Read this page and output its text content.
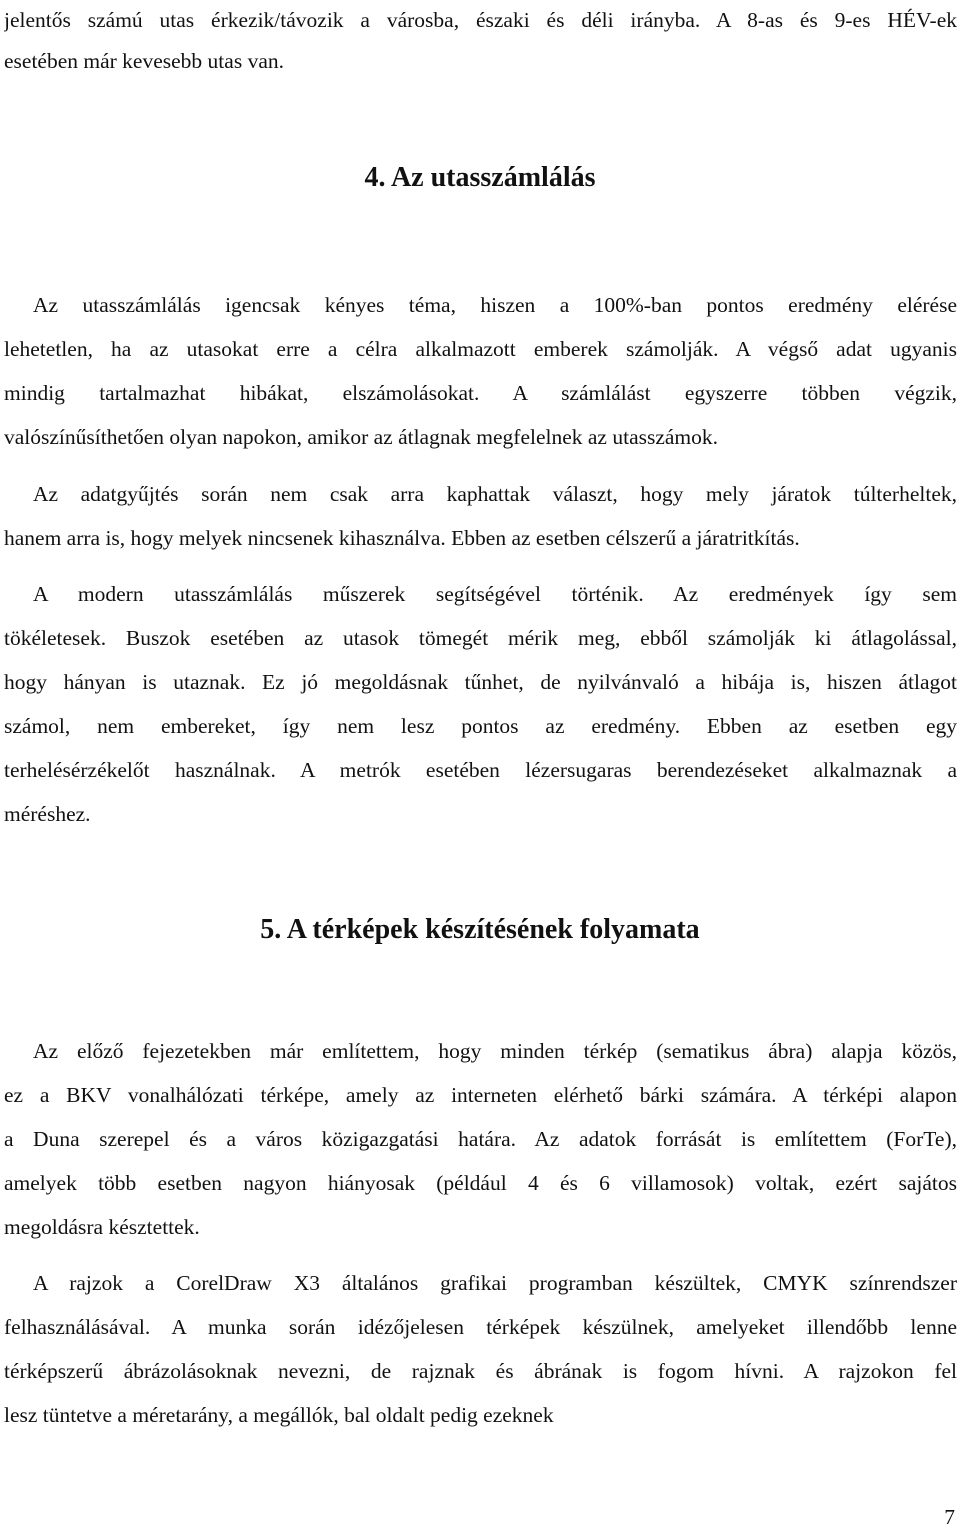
jelentős számú utas érkezik/távozik a városba, északi és déli irányba. A 8-as és 9-es HÉV-ek

esetében már kevesebb utas van.

4. Az utasszámlálás

Az utasszámlálás igencsak kényes téma, hiszen a 100%-ban pontos eredmény elérése

lehetetlen, ha az utasokat erre a célra alkalmazott emberek számolják. A végső adat ugyanis

mindig tartalmazhat hibákat, elszámolásokat. A számlálást egyszerre többen végzik,

valószínűsíthetően olyan napokon, amikor az átlagnak megfelelnek az utasszámok.

Az adatgyűjtés során nem csak arra kaphattak választ, hogy mely járatok túlterheltek,

hanem arra is, hogy melyek nincsenek kihasználva. Ebben az esetben célszerű a járatritkítás.

A modern utasszámlálás műszerek segítségével történik. Az eredmények így sem

tökéletesek. Buszok esetében az utasok tömegét mérik meg, ebből számolják ki átlagolással,

hogy hányan is utaznak. Ez jó megoldásnak tűnhet, de nyilvánvaló a hibája is, hiszen átlagot

számol, nem embereket, így nem lesz pontos az eredmény. Ebben az esetben egy

terhelésérzékelőt használnak. A metrók esetében lézersugaras berendezéseket alkalmaznak a

méréshez.

5. A térképek készítésének folyamata

Az előző fejezetekben már említettem, hogy minden térkép (sematikus ábra) alapja közös,

ez a BKV vonalhálózati térképe, amely az interneten elérhető bárki számára. A térképi alapon

a Duna szerepel és a város közigazgatási határa. Az adatok forrását is említettem (ForTe),

amelyek több esetben nagyon hiányosak (például 4 és 6 villamosok) voltak, ezért sajátos

megoldásra késztettek.

A rajzok a CorelDraw X3 általános grafikai programban készültek, CMYK színrendszer

felhasználásával. A munka során idézőjelesen térképek készülnek, amelyeket illendőbb lenne

térképszerű ábrázolásoknak nevezni, de rajznak és ábrának is fogom hívni. A rajzokon fel

lesz tüntetve a méretarány, a megállók, bal oldalt pedig ezeknek

7
